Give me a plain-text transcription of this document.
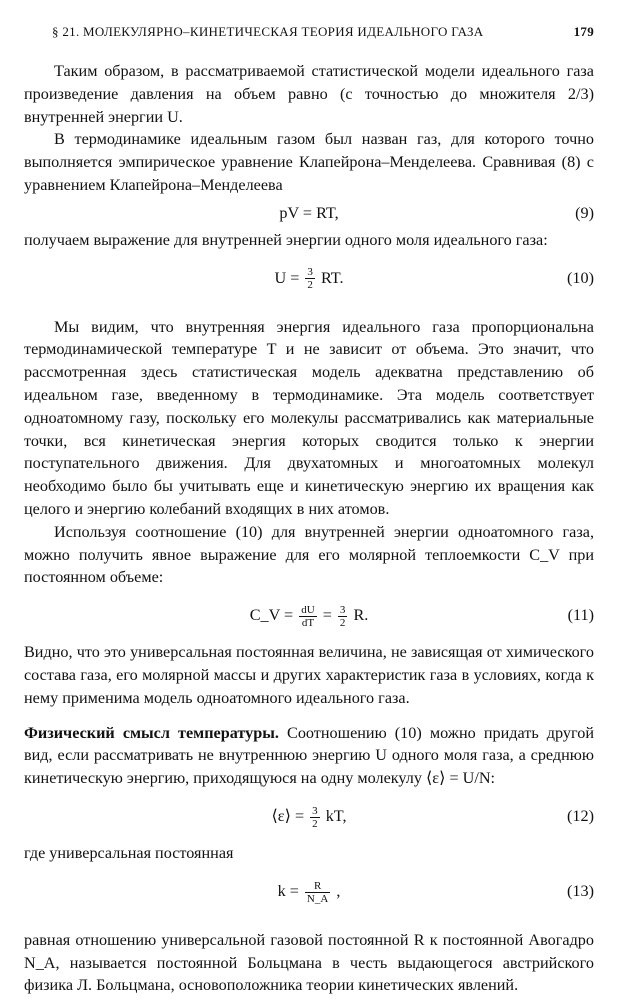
§ 21. МОЛЕКУЛЯРНО–КИНЕТИЧЕСКАЯ ТЕОРИЯ ИДЕАЛЬНОГО ГАЗА	179

Таким образом, в рассматриваемой статистической модели идеального газа произведение давления на объем равно (с точностью до множителя 2/3) внутренней энергии U.

В термодинамике идеальным газом был назван газ, для которого точно выполняется эмпирическое уравнение Клапейрона–Менделеева. Сравнивая (8) с уравнением Клапейрона–Менделеева

pV = RT,	(9)

получаем выражение для внутренней энергии одного моля идеального газа:

$U = \frac{3}{2}$ RT.	(10)

Мы видим, что внутренняя энергия идеального газа пропорциональна термодинамической температуре T и не зависит от объема. Это значит, что рассмотренная здесь статистическая модель адекватна представлению об идеальном газе, введенному в термодинамике. Эта модель соответствует одноатомному газу, поскольку его молекулы рассматривались как материальные точки, вся кинетическая энергия которых сводится только к энергии поступательного движения. Для двухатомных и многоатомных молекул необходимо было бы учитывать еще и кинетическую энергию их вращения как целого и энергию колебаний входящих в них атомов.

Используя соотношение (10) для внутренней энергии одноатомного газа, можно получить явное выражение для его молярной теплоемкости C_V при постоянном объеме:

C_V = $\frac{dU}{dT} = \frac{3}{2} R$.	(11)

Видно, что это универсальная постоянная величина, не зависящая от химического состава газа, его молярной массы и других характеристик газа в условиях, когда к нему применима модель одноатомного идеального газа.

Физический смысл температуры. Соотношению (10) можно придать другой вид, если рассматривать не внутреннюю энергию U одного моля газа, а среднюю кинетическую энергию, приходящуюся на одну молекулу ⟨ε⟩ = U/N:

⟨ε⟩ = $\frac{3}{2}$ kT,	(12)

где универсальная постоянная

$k = \frac{R}{N\_A}$ ,	(13)

равная отношению универсальной газовой постоянной R к постоянной Авогадро N_A, называется постоянной Больцмана в честь выдающегося австрийского физика Л. Больцмана, основоположника теории кинетических явлений.
